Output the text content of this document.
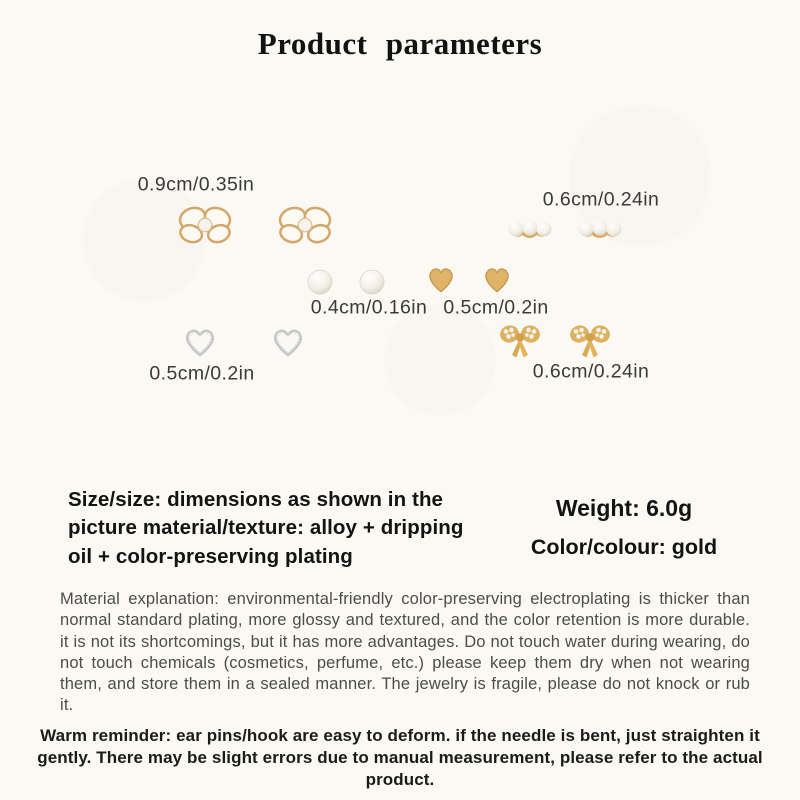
Product parameters
0.9cm/0.35in
0.6cm/0.24in
0.4cm/0.16in 0.5cm/0.2in
0.5cm/0.2in	0.6cm/0.24in
Size/size: dimensions as shown in the picture material/texture: alloy + dripping oil + color-preserving plating
Weight: 6.0g
Color/colour: gold
Material explanation: environmental-friendly color-preserving electroplating is thicker than normal standard plating, more glossy and textured, and the color retention is more durable. it is not its shortcomings, but it has more advantages. Do not touch water during wearing, do not touch chemicals (cosmetics, perfume, etc.) please keep them dry when not wearing them, and store them in a sealed manner. The jewelry is fragile, please do not knock or rub it.
Warm reminder: ear pins/hook are easy to deform. if the needle is bent, just straighten it gently. There may be slight errors due to manual measurement, please refer to the actual product.
